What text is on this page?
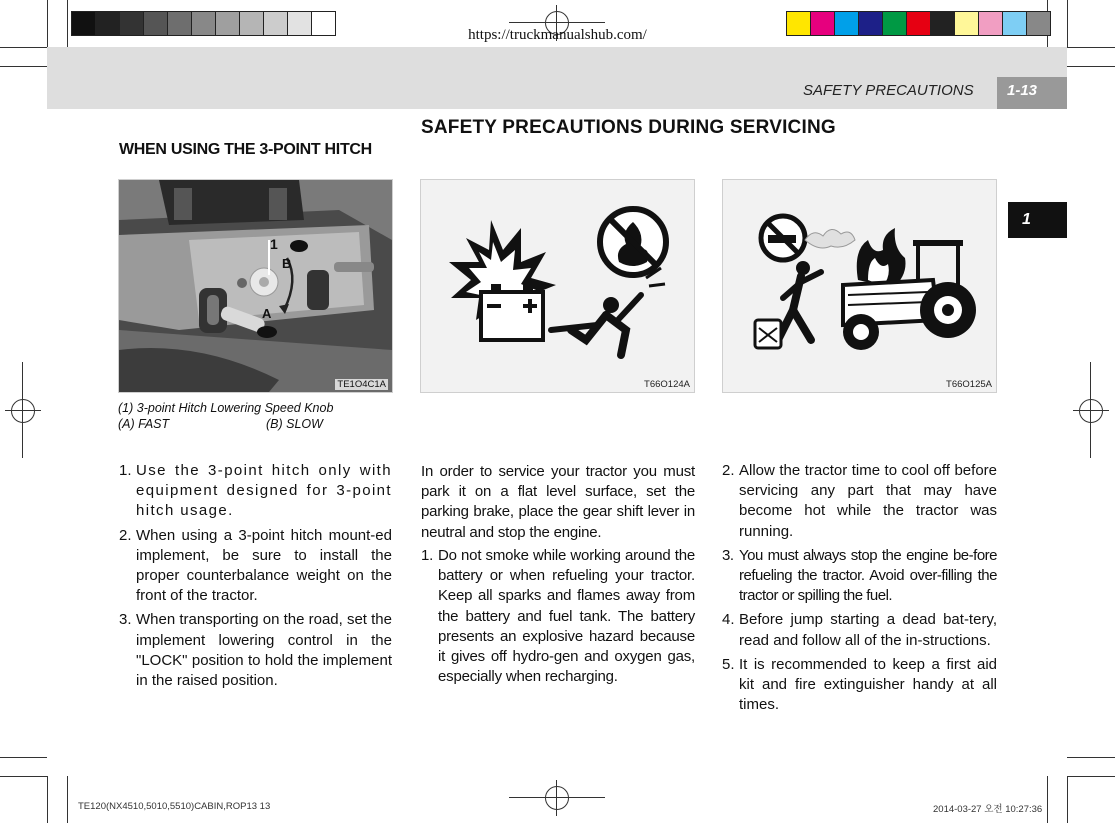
https://truckmanualshub.com/
SAFETY PRECAUTIONS	1-13
1
SAFETY PRECAUTIONS DURING SERVICING
WHEN USING THE 3-POINT HITCH
1
B
A
TE1O4C1A
(1) 3-point Hitch Lowering Speed Knob
(A) FAST	(B) SLOW
T66O124A	T66O125A
1. Use the 3-point hitch only with equipment designed for 3-point hitch usage.
2. When using a 3-point hitch mount-ed implement, be sure to install the proper counterbalance weight on the front of the tractor.
3. When transporting on the road, set the implement lowering control in the "LOCK" position to hold the implement in the raised position.
In order to service your tractor you must park it on a flat level surface, set the parking brake, place the gear shift lever in neutral and stop the engine.
1. Do not smoke while working around the battery or when refueling your tractor. Keep all sparks and flames away from the battery and fuel tank. The battery presents an explosive hazard because it gives off hydro-gen and oxygen gas, especially when recharging.
2. Allow the tractor time to cool off before servicing any part that may have become hot while the tractor was running.
3. You must always stop the engine be-fore refueling the tractor. Avoid over-filling the tractor or spilling the fuel.
4. Before jump starting a dead bat-tery, read and follow all of the in-structions.
5. It is recommended to keep a first aid kit and fire extinguisher handy at all times.
TE120(NX4510,5010,5510)CABIN,ROP13 13	2014-03-27 오전 10:27:36
